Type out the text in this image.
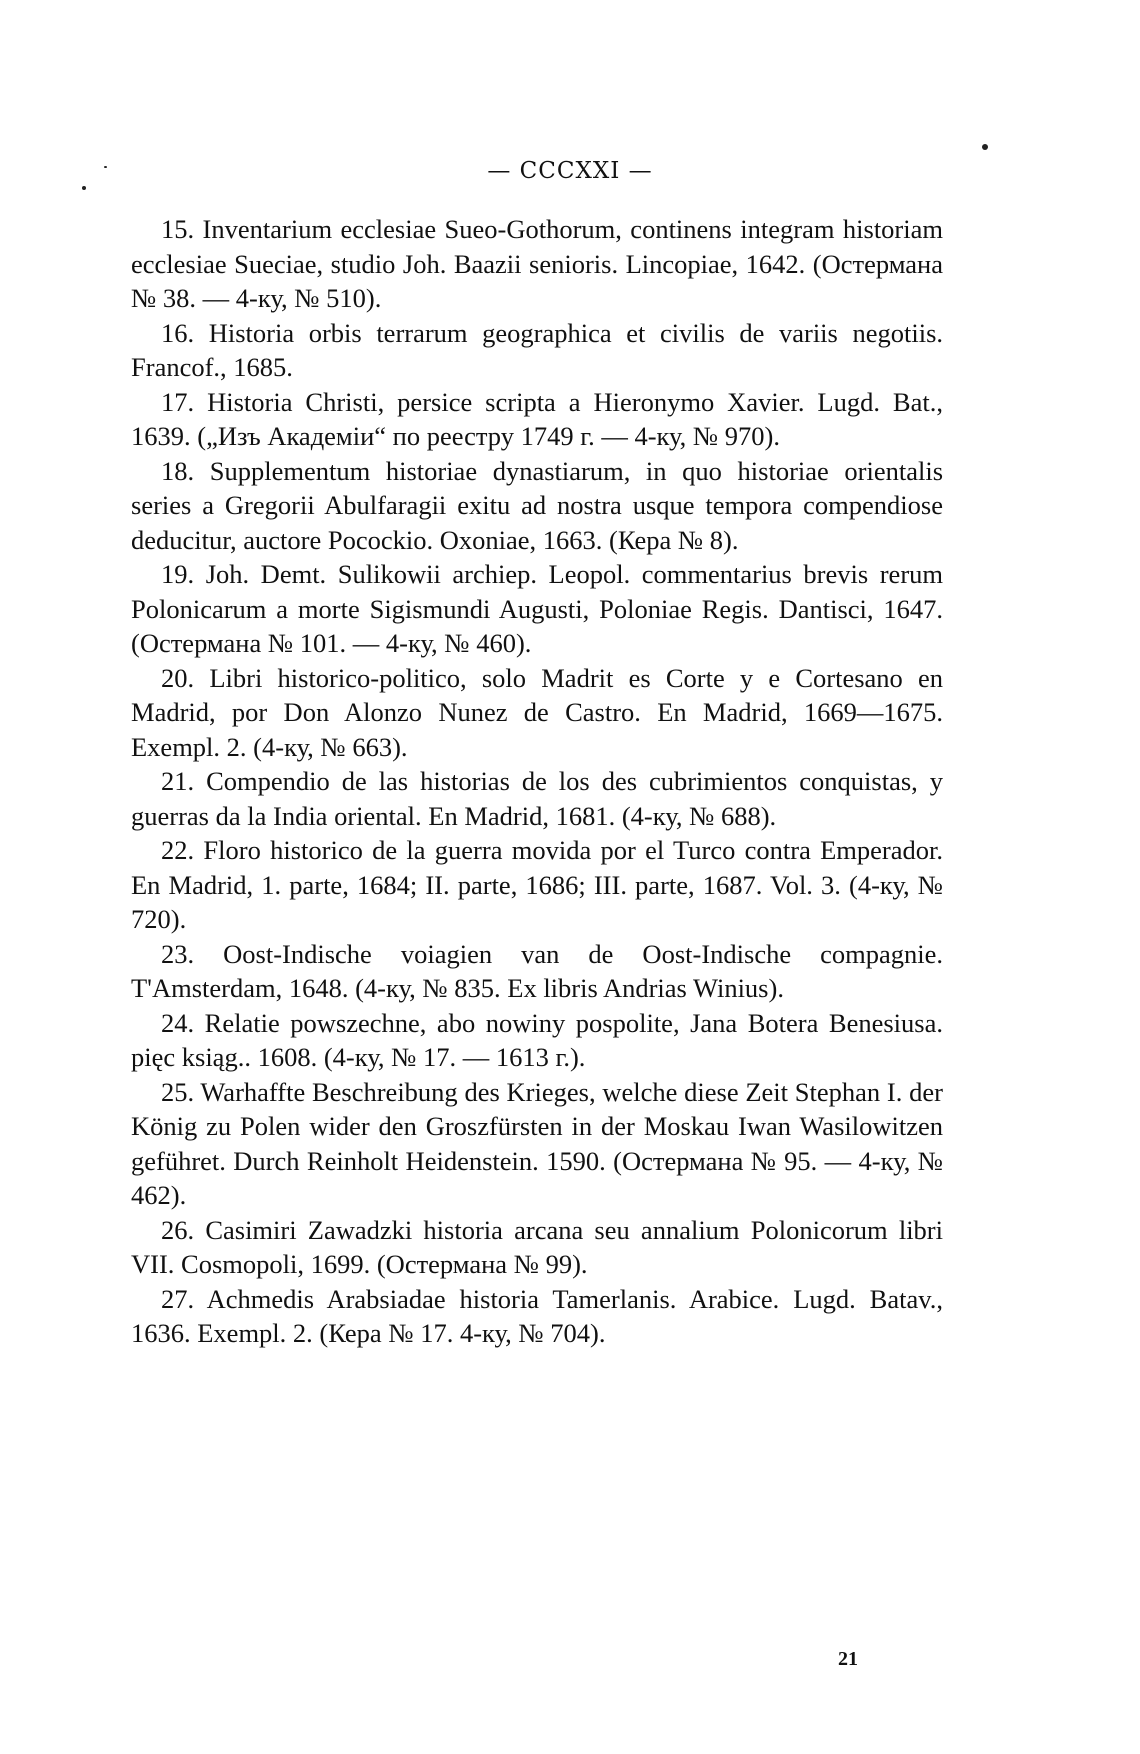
— CCCXXI —

15. Inventarium ecclesiae Sueo-Gothorum, continens integram historiam ecclesiae Sueciae, studio Joh. Baazii senioris. Lincopiae, 1642. (Остермана № 38. — 4-ку, № 510).

16. Historia orbis terrarum geographica et civilis de variis negotiis. Francof., 1685.

17. Historia Christi, persice scripta a Hieronymo Xavier. Lugd. Bat., 1639. („Изъ Академіи“ по реестру 1749 г. — 4-ку, № 970).

18. Supplementum historiae dynastiarum, in quo historiae orientalis series a Gregorii Abulfaragii exitu ad nostra usque tempora compendiose deducitur, auctore Pocockio. Oxoniae, 1663. (Кера № 8).

19. Joh. Demt. Sulikowii archiep. Leopol. commentarius brevis rerum Polonicarum a morte Sigismundi Augusti, Poloniae Regis. Dantisci, 1647. (Остермана № 101. — 4-ку, № 460).

20. Libri historico-politico, solo Madrit es Corte y e Cortesano en Madrid, por Don Alonzo Nunez de Castro. En Madrid, 1669—1675. Exempl. 2. (4-ку, № 663).

21. Compendio de las historias de los des cubrimientos conquistas, y guerras da la India oriental. En Madrid, 1681. (4-ку, № 688).

22. Floro historico de la guerra movida por el Turco contra Emperador. En Madrid, 1. parte, 1684; II. parte, 1686; III. parte, 1687. Vol. 3. (4-ку, № 720).

23. Oost-Indische voiagien van de Oost-Indische compagnie. T'Amsterdam, 1648. (4-ку, № 835. Ex libris Andrias Winius).

24. Relatie powszechne, abo nowiny pospolite, Jana Botera Benesiusa. pięc ksiąg.. 1608. (4-ку, № 17. — 1613 г.).

25. Warhaffte Beschreibung des Krieges, welche diese Zeit Stephan I. der König zu Polen wider den Groszfürsten in der Moskau Iwan Wasilowitzen geführet. Durch Reinholt Heidenstein. 1590. (Остермана № 95. — 4-ку, № 462).

26. Casimiri Zawadzki historia arcana seu annalium Polonicorum libri VII. Cosmopoli, 1699. (Остермана № 99).

27. Achmedis Arabsiadae historia Tamerlanis. Arabice. Lugd. Batav., 1636. Exempl. 2. (Кера № 17. 4-ку, № 704).

21
